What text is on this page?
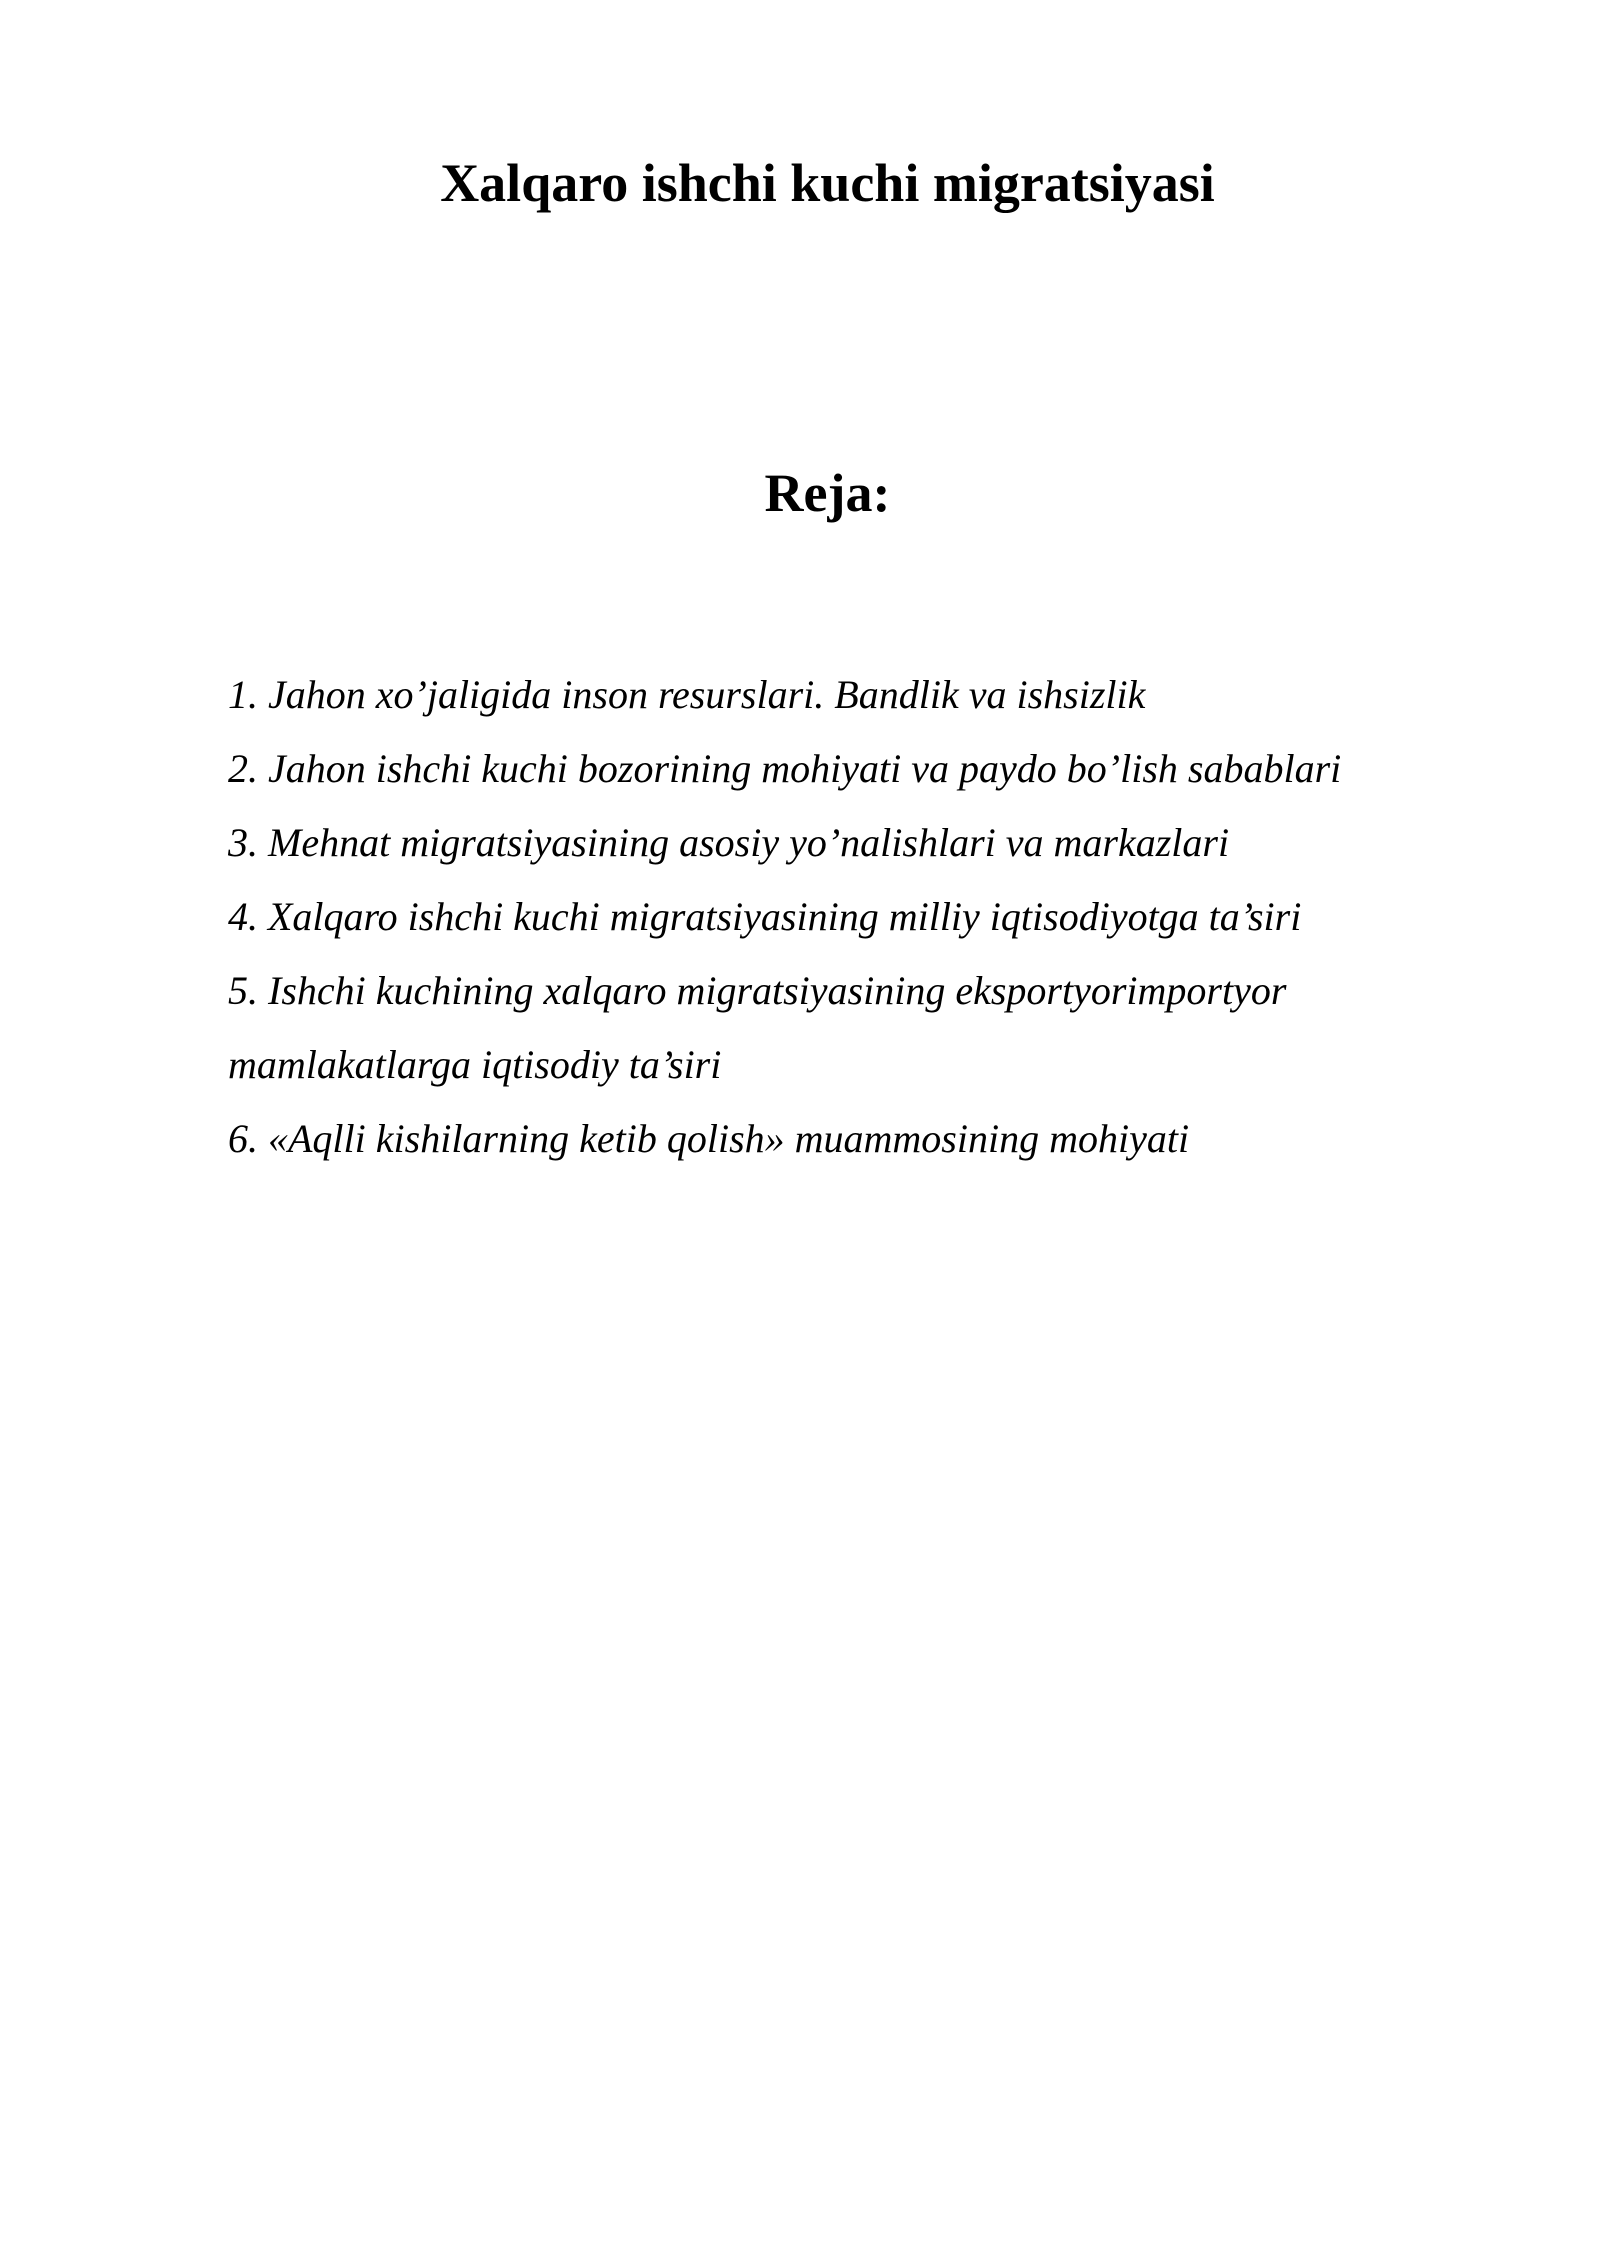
Xalqaro ishchi kuchi migratsiyasi
Reja:
1. Jahon xo’jaligida inson resurslari. Bandlik va ishsizlik
2. Jahon ishchi kuchi bozorining mohiyati va paydo bo’lish sabablari
3. Mehnat migratsiyasining asosiy yo’nalishlari va markazlari
4. Xalqaro ishchi kuchi migratsiyasining milliy iqtisodiyotga ta’siri
5. Ishchi kuchining xalqaro migratsiyasining eksportyorimportyor
mamlakatlarga iqtisodiy ta’siri
6. «Aqlli kishilarning ketib qolish» muammosining mohiyati
